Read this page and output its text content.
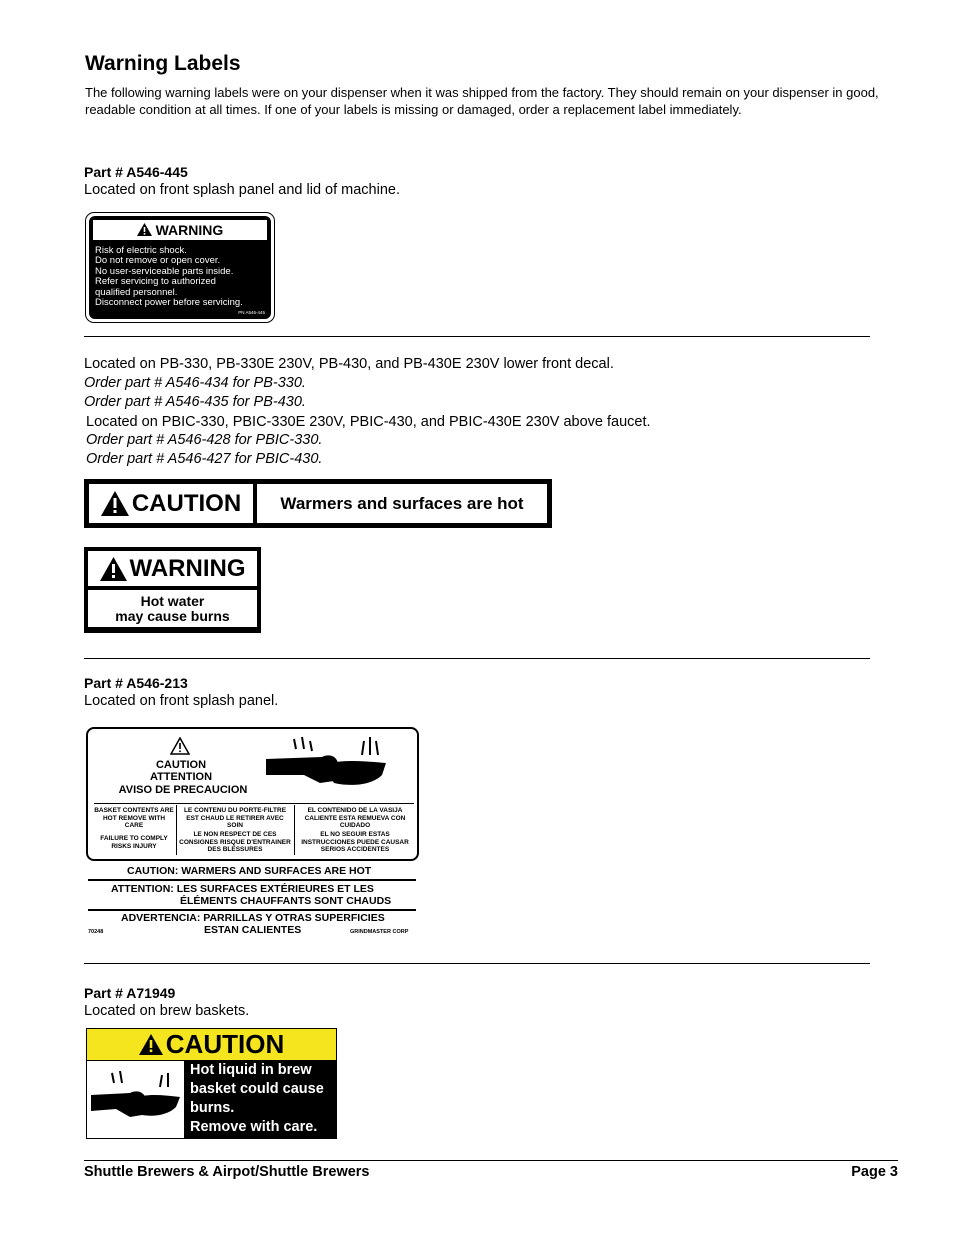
Warning Labels
The following warning labels were on your dispenser when it was shipped from the factory. They should remain on your dispenser in good, readable condition at all times. If one of your labels is missing or damaged, order a replacement label immediately.
Part # A546-445
Located on front splash panel and lid of machine.
WARNING
Risk of electric shock.
Do not remove or open cover.
No user-serviceable parts inside.
Refer servicing to authorized
qualified personnel.
Disconnect power before servicing.
PN A546-445
Located on PB-330, PB-330E 230V, PB-430, and PB-430E 230V lower front decal.
Order part # A546-434 for PB-330.
Order part # A546-435 for PB-430.
Located on PBIC-330, PBIC-330E 230V, PBIC-430, and PBIC-430E 230V above faucet.
Order part # A546-428 for PBIC-330.
Order part # A546-427 for PBIC-430.
CAUTION	Warmers and surfaces are hot
WARNING
Hot water
may cause burns
Part # A546-213
Located on front splash panel.
CAUTION
ATTENTION
AVISO DE PRECAUCION
BASKET CONTENTS ARE HOT REMOVE WITH CARE
FAILURE TO COMPLY RISKS INJURY
LE CONTENU DU PORTE-FILTRE EST CHAUD LE RETIRER AVEC SOIN
LE NON RESPECT DE CES CONSIGNES RISQUE D'ENTRAINER DES BLESSURES
EL CONTENIDO DE LA VASIJA CALIENTE ESTA REMUEVA CON CUIDADO
EL NO SEGUIR ESTAS INSTRUCCIONES PUEDE CAUSAR SERIOS ACCIDENTES
CAUTION: WARMERS AND SURFACES ARE HOT
ATTENTION: LES SURFACES EXTÉRIEURES ET LES
ÉLÉMENTS CHAUFFANTS SONT CHAUDS
ADVERTENCIA: PARRILLAS Y OTRAS SUPERFICIES
ESTAN CALIENTES
70248	GRINDMASTER CORP
Part # A71949
Located on brew baskets.
CAUTION
Hot liquid in brew
basket could cause
burns.
Remove with care.
Shuttle Brewers & Airpot/Shuttle Brewers	Page 3
